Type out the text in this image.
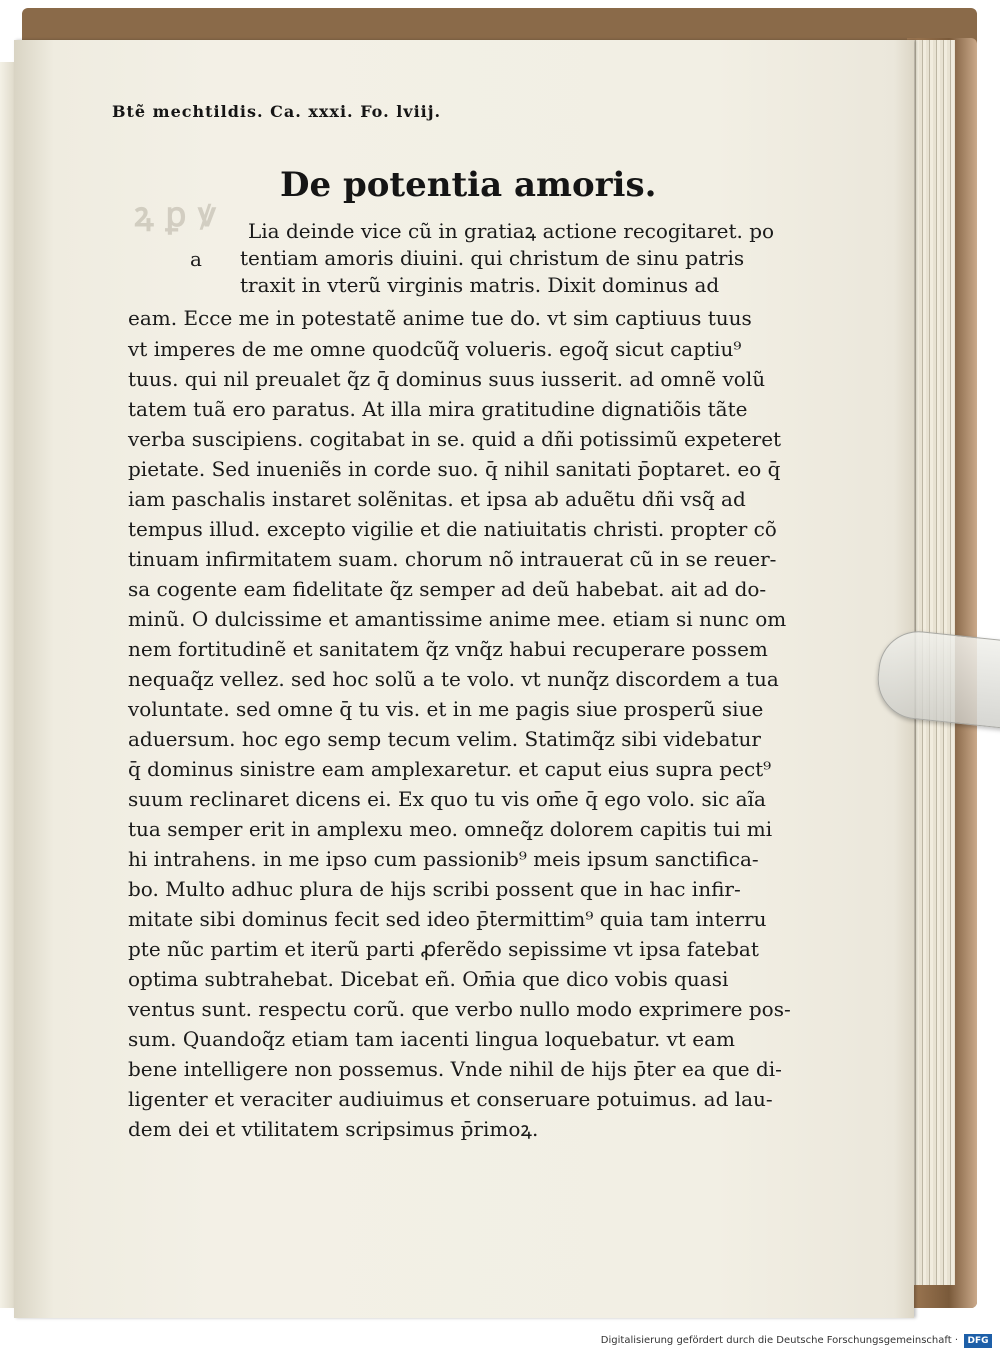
ꝝ ꝑ ꝟ
Btẽ mechtildis. Ca. xxxi. Fo. lviij.
De potentia amoris.
a
Lia deinde vice cũ in gratiaꝝ actione recogitaret. po
tentiam amoris diuini. qui christum de sinu patris
traxit in vterũ virginis matris. Dixit dominus ad
eam. Ecce me in potestatẽ anime tue do. vt sim captiuus tuus
vt imperes de me omne quodcũq̃ volueris. egoq̃ sicut captiu⁹
tuus. qui nil preualet q̃z q̄ dominus suus iusserit. ad omnẽ volũ
tatem tuã ero paratus. At illa mira gratitudine dignatiõis tãte
verba suscipiens. cogitabat in se. quid a dñi potissimũ expeteret
pietate. Sed inueniẽs in corde suo. q̄ nihil sanitati p̄optaret. eo q̄
iam paschalis instaret solẽnitas. et ipsa ab aduẽtu dñi vsq̃ ad
tempus illud. excepto vigilie et die natiuitatis christi. propter cõ
tinuam infirmitatem suam. chorum nõ intrauerat cũ in se reuer-
sa cogente eam fidelitate q̃z semper ad deũ habebat. ait ad do-
minũ. O dulcissime et amantissime anime mee. etiam si nunc om
nem fortitudinẽ et sanitatem q̃z vnq̃z habui recuperare possem
nequaq̃z vellez. sed hoc solũ a te volo. vt nunq̃z discordem a tua
voluntate. sed omne q̄ tu vis. et in me pagis siue prosperũ siue
aduersum. hoc ego semp tecum velim. Statimq̃z sibi videbatur
q̄ dominus sinistre eam amplexaretur. et caput eius supra pect⁹
suum reclinaret dicens ei. Ex quo tu vis om̄e q̄ ego volo. sic aĩa
tua semper erit in amplexu meo. omneq̃z dolorem capitis tui mi
hi intrahens. in me ipso cum passionib⁹ meis ipsum sanctifica-
bo. Multo adhuc plura de hijs scribi possent que in hac infir-
mitate sibi dominus fecit sed ideo p̄termittim⁹ quia tam interru
pte nũc partim et iterũ parti ꝓferẽdo sepissime vt ipsa fatebat
optima subtrahebat. Dicebat eñ. Om̄ia que dico vobis quasi
ventus sunt. respectu corũ. que verbo nullo modo exprimere pos-
sum. Quandoq̃z etiam tam iacenti lingua loquebatur. vt eam
bene intelligere non possemus. Vnde nihil de hijs p̄ter ea que di-
ligenter et veraciter audiuimus et conseruare potuimus. ad lau-
dem dei et vtilitatem scripsimus p̄rimoꝝ.
Digitalisierung gefördert durch die Deutsche Forschungsgemeinschaft ·	DFG
